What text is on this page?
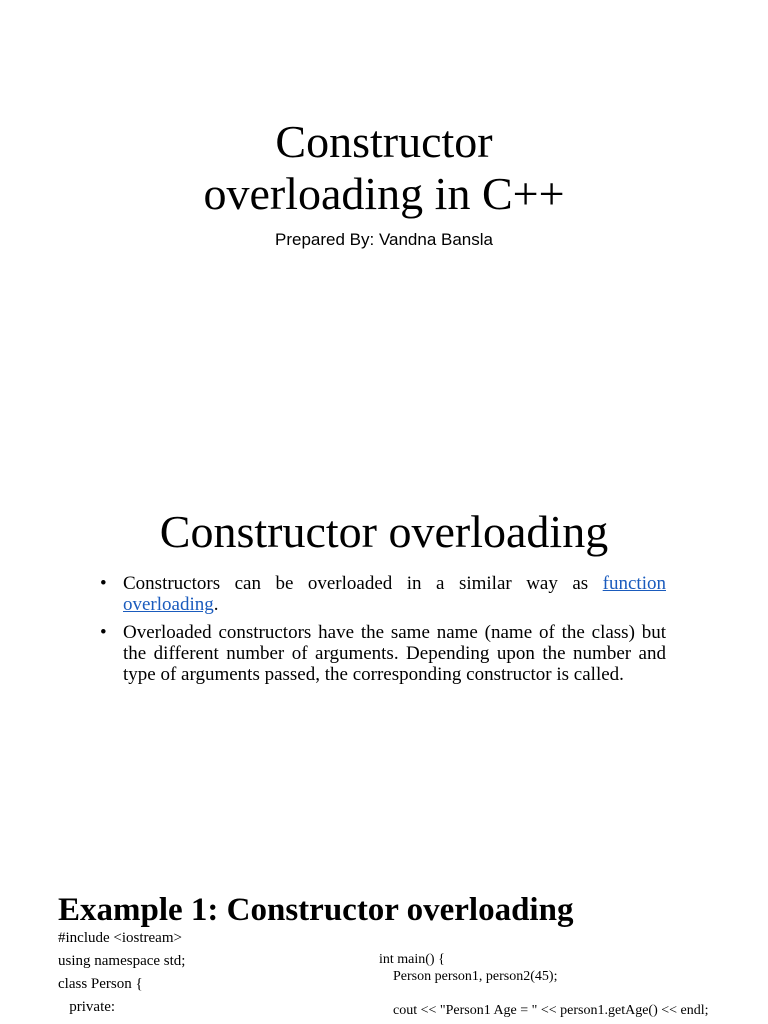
Constructor
overloading in C++
Prepared By: Vandna Bansla
Constructor overloading
• Constructors can be overloaded in a similar way as function overloading.
• Overloaded constructors have the same name (name of the class) but the different number of arguments. Depending upon the number and type of arguments passed, the corresponding constructor is called.
Example 1: Constructor overloading
#include <iostream>
using namespace std;
class Person {
private:
int main() {
Person person1, person2(45);
cout << "Person1 Age = " << person1.getAge() << endl;
